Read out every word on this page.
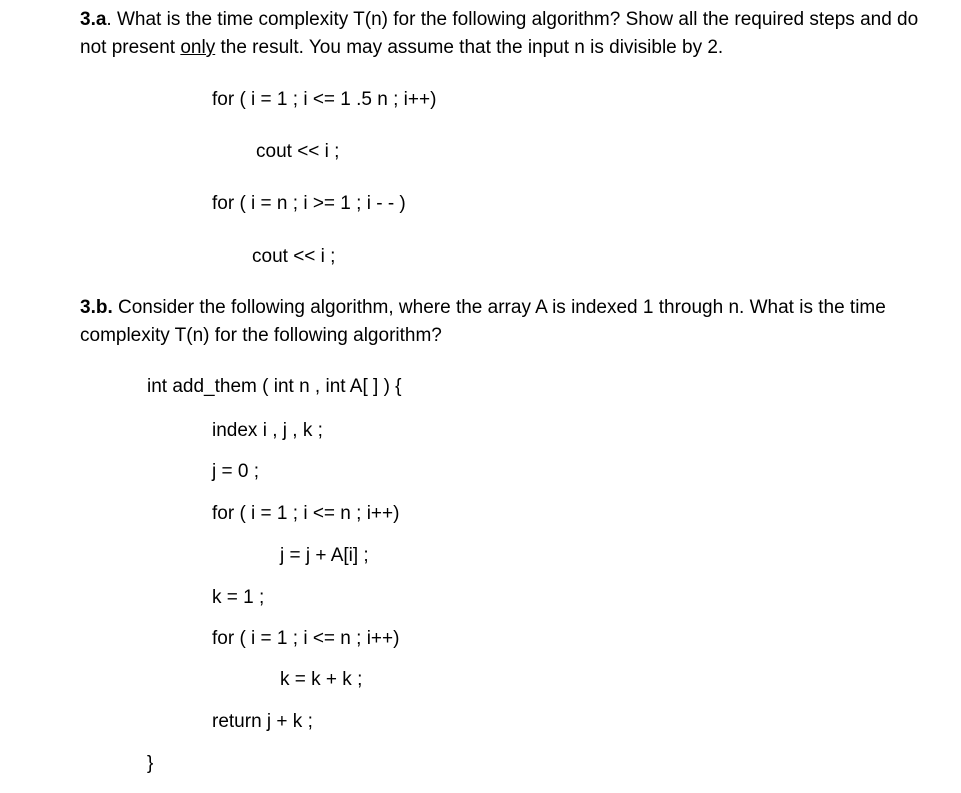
3.a. What is the time complexity T(n) for the following algorithm? Show all the required steps and do not present only the result. You may assume that the input n is divisible by 2.

for ( i = 1 ; i <= 1 .5 n ; i++)
cout << i ;
for ( i = n ; i >= 1 ; i - - )
cout << i ;

3.b. Consider the following algorithm, where the array A is indexed 1 through n. What is the time complexity T(n) for the following algorithm?

int add_them ( int n , int A[ ] ) {
index i , j , k ;
j = 0 ;
for ( i = 1 ; i <= n ; i++)
j = j + A[i] ;
k = 1 ;
for ( i = 1 ; i <= n ; i++)
k = k + k ;
return j + k ;
}
